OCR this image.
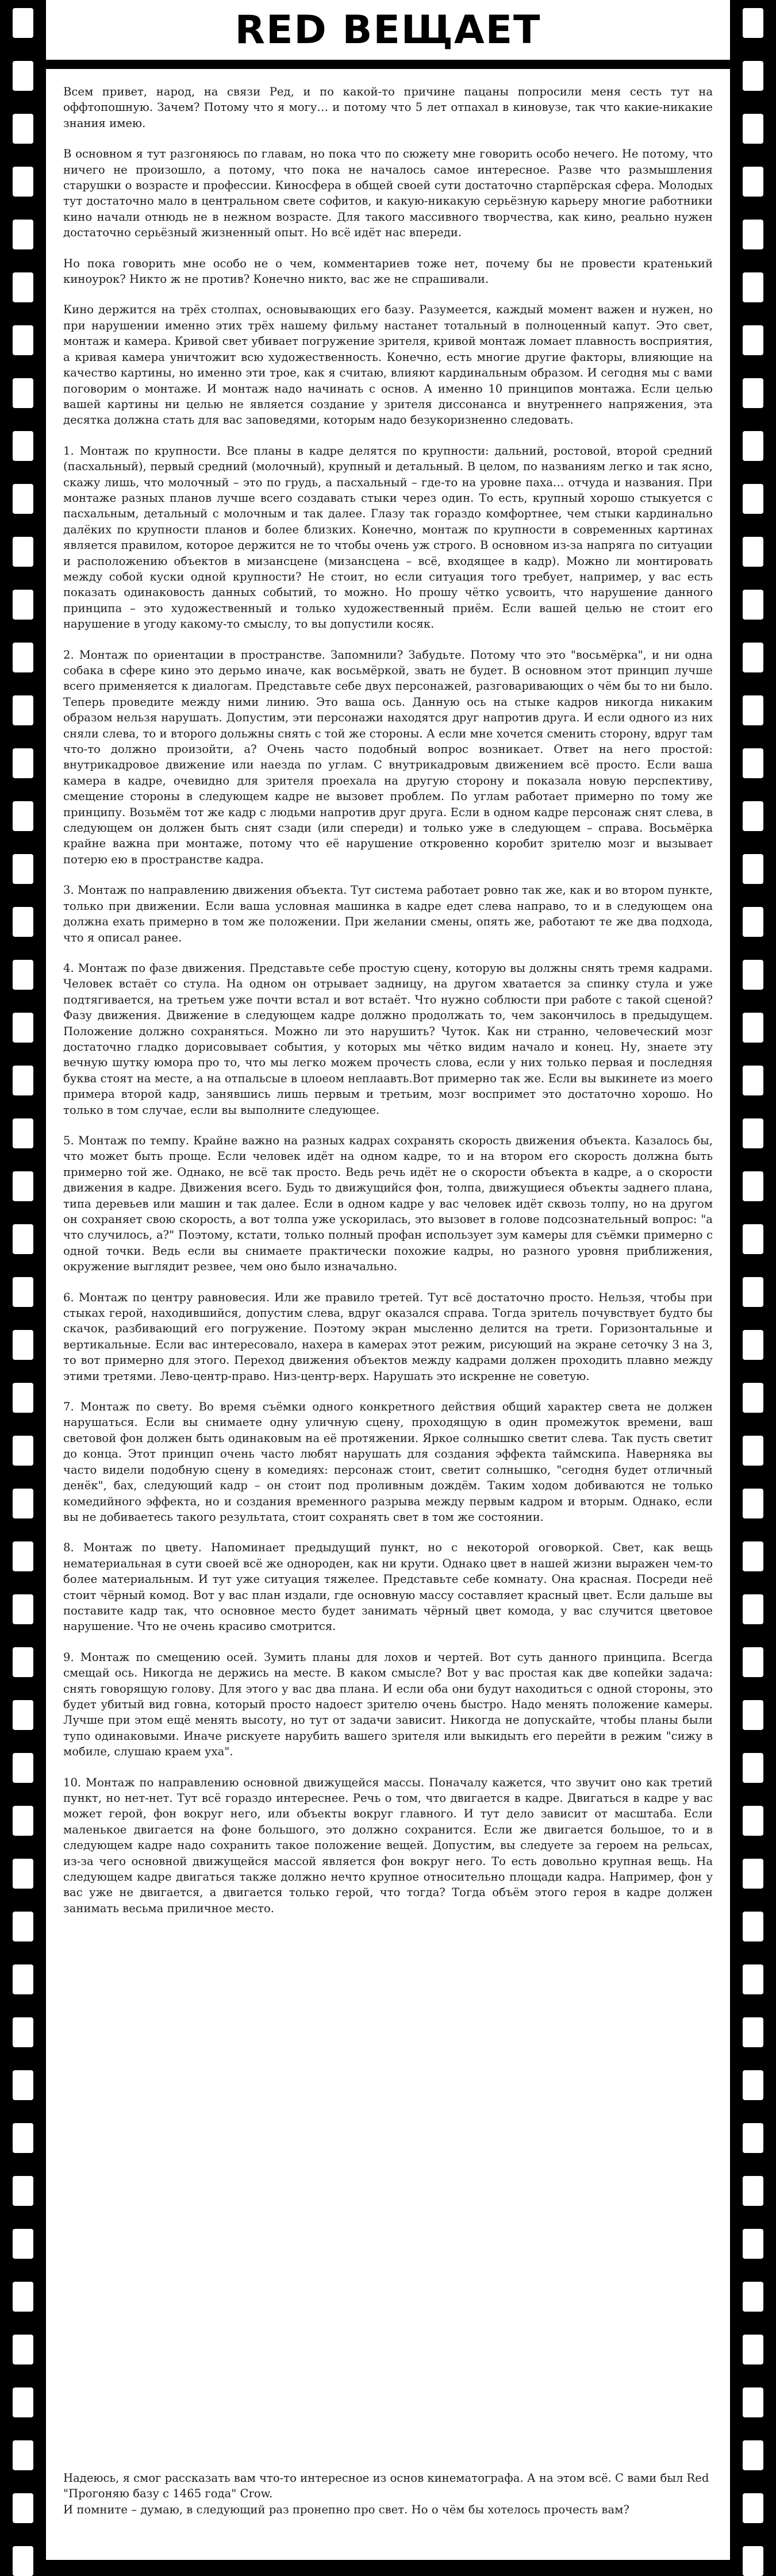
RED ВЕЩАЕТ

Всем привет, народ, на связи Ред, и по какой-то причине пацаны попросили меня сесть тут на оффтопошную. Зачем? Потому что я могу… и потому что 5 лет отпахал в киновузе, так что какие-никакие знания имею.

В основном я тут разгоняюсь по главам, но пока что по сюжету мне говорить особо нечего. Не потому, что ничего не произошло, а потому, что пока не началось самое интересное. Разве что размышления старушки о возрасте и профессии. Киносфера в общей своей сути достаточно старпёрская сфера. Молодых тут достаточно мало в центральном свете софитов, и какую-никакую серьёзную карьеру многие работники кино начали отнюдь не в нежном возрасте. Для такого массивного творчества, как кино, реально нужен достаточно серьёзный жизненный опыт. Но всё идёт нас впереди.

Но пока говорить мне особо не о чем, комментариев тоже нет, почему бы не провести кратенький киноурок? Никто ж не против? Конечно никто, вас же не спрашивали.

Кино держится на трёх столпах, основывающих его базу. Разумеется, каждый момент важен и нужен, но при нарушении именно этих трёх нашему фильму настанет тотальный в полноценный капут. Это свет, монтаж и камера. Кривой свет убивает погружение зрителя, кривой монтаж ломает плавность восприятия, а кривая камера уничтожит всю художественность. Конечно, есть многие другие факторы, влияющие на качество картины, но именно эти трое, как я считаю, влияют кардинальным образом. И сегодня мы с вами поговорим о монтаже. И монтаж надо начинать с основ. А именно 10 принципов монтажа. Если целью вашей картины ни целью не является создание у зрителя диссонанса и внутреннего напряжения, эта десятка должна стать для вас заповедями, которым надо безукоризненно следовать.

1. Монтаж по крупности. Все планы в кадре делятся по крупности: дальний, ростовой, второй средний (пасхальный), первый средний (молочный), крупный и детальный. В целом, по названиям легко и так ясно, скажу лишь, что молочный – это по грудь, а пасхальный – где-то на уровне паха… отчуда и названия. При монтаже разных планов лучше всего создавать стыки через один. То есть, крупный хорошо стыкуется с пасхальным, детальный с молочным и так далее. Глазу так гораздо комфортнее, чем стыки кардинально далёких по крупности планов и более близких. Конечно, монтаж по крупности в современных картинах является правилом, которое держится не то чтобы очень уж строго. В основном из-за напряга по ситуации и расположению объектов в мизансцене (мизансцена – всё, входящее в кадр). Можно ли монтировать между собой куски одной крупности? Не стоит, но если ситуация того требует, например, у вас есть показать одинаковость данных событий, то можно. Но прошу чётко усвоить, что нарушение данного принципа – это художественный и только художественный приём. Если вашей целью не стоит его нарушение в угоду какому-то смыслу, то вы допустили косяк.

2. Монтаж по ориентации в пространстве. Запомнили? Забудьте. Потому что это "восьмёрка", и ни одна собака в сфере кино это дерьмо иначе, как восьмёркой, звать не будет. В основном этот принцип лучше всего применяется к диалогам. Представьте себе двух персонажей, разговаривающих о чём бы то ни было. Теперь проведите между ними линию. Это ваша ось. Данную ось на стыке кадров никогда никаким образом нельзя нарушать. Допустим, эти персонажи находятся друг напротив друга. И если одного из них сняли слева, то и второго дольжны снять с той же стороны. А если мне хочется сменить сторону, вдруг там что-то должно произойти, а? Очень часто подобный вопрос возникает. Ответ на него простой: внутрикадровое движение или наезда по углам. С внутрикадровым движением всё просто. Если ваша камера в кадре, очевидно для зрителя проехала на другую сторону и показала новую перспективу, смещение стороны в следующем кадре не вызовет проблем. По углам работает примерно по тому же принципу. Возьмём тот же кадр с людьми напротив друг друга. Если в одном кадре персонаж снят слева, в следующем он должен быть снят сзади (или спереди) и только уже в следующем – справа. Восьмёрка крайне важна при монтаже, потому что её нарушение откровенно коробит зрителю мозг и вызывает потерю ею в пространстве кадра.

3. Монтаж по направлению движения объекта. Тут система работает ровно так же, как и во втором пункте, только при движении. Если ваша условная машинка в кадре едет слева направо, то и в следующем она должна ехать примерно в том же положении. При желании смены, опять же, работают те же два подхода, что я описал ранее.

4. Монтаж по фазе движения. Представьте себе простую сцену, которую вы должны снять тремя кадрами. Человек встаёт со стула. На одном он отрывает задницу, на другом хватается за спинку стула и уже подтягивается, на третьем уже почти встал и вот встаёт. Что нужно соблюсти при работе с такой сценой? Фазу движения. Движение в следующем кадре должно продолжать то, чем закончилось в предыдущем. Положение должно сохраняться. Можно ли это нарушить? Чуток. Как ни странно, человеческий мозг достаточно гладко дорисовывает события, у которых мы чётко видим начало и конец. Ну, знаете эту вечную шутку юмора про то, что мы легко можем прочесть слова, если у них только первая и последняя буква стоят на месте, а на отпальсые в цлоеом неплаавть.Вот примерно так же. Если вы выкинете из моего примера второй кадр, занявшись лишь первым и третьим, мозг воспримет это достаточно хорошо. Но только в том случае, если вы выполните следующее.

5. Монтаж по темпу. Крайне важно на разных кадрах сохранять скорость движения объекта. Казалось бы, что может быть проще. Если человек идёт на одном кадре, то и на втором его скорость должна быть примерно той же. Однако, не всё так просто. Ведь речь идёт не о скорости объекта в кадре, а о скорости движения в кадре. Движения всего. Будь то движущийся фон, толпа, движущиеся объекты заднего плана, типа деревьев или машин и так далее. Если в одном кадре у вас человек идёт сквозь толпу, но на другом он сохраняет свою скорость, а вот толпа уже ускорилась, это вызовет в голове подсознательный вопрос: "а что случилось, а?" Поэтому, кстати, только полный профан использует зум камеры для съёмки примерно с одной точки. Ведь если вы снимаете практически похожие кадры, но разного уровня приближения, окружение выглядит резвее, чем оно было изначально.

6. Монтаж по центру равновесия. Или же правило третей. Тут всё достаточно просто. Нельзя, чтобы при стыках герой, находившийся, допустим слева, вдруг оказался справа. Тогда зритель почувствует будто бы скачок, разбивающий его погружение. Поэтому экран мысленно делится на трети. Горизонтальные и вертикальные. Если вас интересовало, нахера в камерах этот режим, рисующий на экране сеточку 3 на 3, то вот примерно для этого. Переход движения объектов между кадрами должен проходить плавно между этими третями. Лево-центр-право. Низ-центр-верх. Нарушать это искренне не советую.

7. Монтаж по свету. Во время съёмки одного конкретного действия общий характер света не должен нарушаться. Если вы снимаете одну уличную сцену, проходящую в один промежуток времени, ваш световой фон должен быть одинаковым на её протяжении. Яркое солнышко светит слева. Так пусть светит до конца. Этот принцип очень часто любят нарушать для создания эффекта таймскипа. Наверняка вы часто видели подобную сцену в комедиях: персонаж стоит, светит солнышко, "сегодня будет отличный денёк", бах, следующий кадр – он стоит под проливным дождём. Таким ходом добиваются не только комедийного эффекта, но и создания временного разрыва между первым кадром и вторым. Однако, если вы не добиваетесь такого результата, стоит сохранять свет в том же состоянии.

8. Монтаж по цвету. Напоминает предыдущий пункт, но с некоторой оговоркой. Свет, как вещь нематериальная в сути своей всё же однороден, как ни крути. Однако цвет в нашей жизни выражен чем-то более материальным. И тут уже ситуация тяжелее. Представьте себе комнату. Она красная. Посреди неё стоит чёрный комод. Вот у вас план издали, где основную массу составляет красный цвет. Если дальше вы поставите кадр так, что основное место будет занимать чёрный цвет комода, у вас случится цветовое нарушение. Что не очень красиво смотрится.

9. Монтаж по смещению осей. Зумить планы для лохов и чертей. Вот суть данного принципа. Всегда смещай ось. Никогда не держись на месте. В каком смысле? Вот у вас простая как две копейки задача: снять говорящую голову. Для этого у вас два плана. И если оба они будут находиться с одной стороны, это будет убитый вид говна, который просто надоест зрителю очень быстро. Надо менять положение камеры. Лучше при этом ещё менять высоту, но тут от задачи зависит. Никогда не допускайте, чтобы планы были тупо одинаковыми. Иначе рискуете нарубить вашего зрителя или выкидыть его перейти в режим "сижу в мобиле, слушаю краем уха".

10. Монтаж по направлению основной движущейся массы. Поначалу кажется, что звучит оно как третий пункт, но нет-нет. Тут всё гораздо интереснее. Речь о том, что двигается в кадре. Двигаться в кадре у вас может герой, фон вокруг него, или объекты вокруг главного. И тут дело зависит от масштаба. Если маленькое двигается на фоне большого, это должно сохранится. Если же двигается большое, то и в следующем кадре надо сохранить такое положение вещей. Допустим, вы следуете за героем на рельсах, из-за чего основной движущейся массой является фон вокруг него. То есть довольно крупная вещь. На следующем кадре двигаться также должно нечто крупное относительно площади кадра. Например, фон у вас уже не двигается, а двигается только герой, что тогда? Тогда объём этого героя в кадре должен занимать весьма приличное место.

Надеюсь, я смог рассказать вам что-то интересное из основ кинематографа. А на этом всё. С вами был Red "Прогоняю базу с 1465 года" Crow.
И помните – думаю, в следующий раз пронепно про свет. Но о чём бы хотелось прочесть вам?
